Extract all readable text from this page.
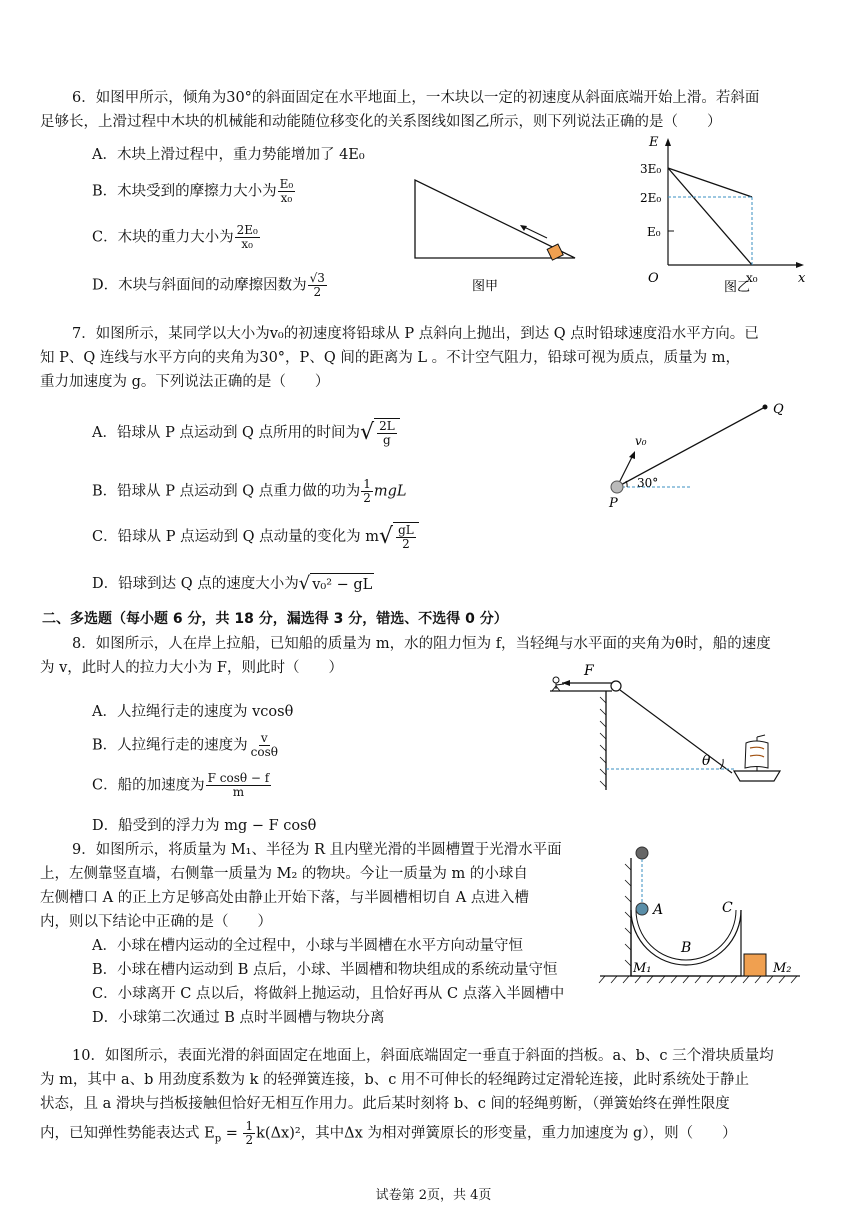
6．如图甲所示，倾角为30°的斜面固定在水平地面上，一木块以一定的初速度从斜面底端开始上滑。若斜面
足够长，上滑过程中木块的机械能和动能随位移变化的关系图线如图乙所示，则下列说法正确的是（　　）
A．木块上滑过程中，重力势能增加了 4E₀
B．木块受到的摩擦力大小为 $\frac{\text{E₀}}{\text{x₀}}$
C．木块的重力大小为 $\frac{\text{2E₀}}{\text{x₀}}$
D．木块与斜面间的动摩擦因数为 $\frac{√3}{2}$	图甲
E
x
O
3E₀
2E₀
E₀
x₀
图乙
7．如图所示，某同学以大小为v₀的初速度将铅球从 P 点斜向上抛出，到达 Q 点时铅球速度沿水平方向。已
知 P、Q 连线与水平方向的夹角为30°，P、Q 间的距离为 L 。不计空气阻力，铅球可视为质点，质量为 m，
重力加速度为 g。下列说法正确的是（　　）
A．铅球从 P 点运动到 Q 点所用的时间为 √ $\frac{2L}{g}$
B．铅球从 P 点运动到 Q 点重力做的功为 $\frac{1}{2}$ mgL
C．铅球从 P 点运动到 Q 点动量的变化为 m √ $\frac{gL}{2}$
D．铅球到达 Q 点的速度大小为 √ v₀² − gL
v₀
Q
P
30°
二、多选题（每小题 6 分，共 18 分，漏选得 3 分，错选、不选得 0 分）
8．如图所示，人在岸上拉船，已知船的质量为 m，水的阻力恒为 f，当轻绳与水平面的夹角为θ时，船的速度
为 v，此时人的拉力大小为 F，则此时（　　）
A．人拉绳行走的速度为 vcosθ
B．人拉绳行走的速度为 $\frac{v}{\cos\theta}$
C．船的加速度为 $\frac{\text{F cosθ − f}}{m}$
D．船受到的浮力为 mg − F cosθ
F
θ
9．如图所示，将质量为 M₁、半径为 R 且内壁光滑的半圆槽置于光滑水平面
上，左侧靠竖直墙，右侧靠一质量为 M₂ 的物块。今让一质量为 m 的小球自
左侧槽口 A 的正上方足够高处由静止开始下落，与半圆槽相切自 A 点进入槽
内，则以下结论中正确的是（　　）
A．小球在槽内运动的全过程中，小球与半圆槽在水平方向动量守恒
B．小球在槽内运动到 B 点后，小球、半圆槽和物块组成的系统动量守恒
C．小球离开 C 点以后，将做斜上抛运动，且恰好再从 C 点落入半圆槽中
D．小球第二次通过 B 点时半圆槽与物块分离
A
B
C
M₁	M₂
10．如图所示，表面光滑的斜面固定在地面上，斜面底端固定一垂直于斜面的挡板。a、b、c 三个滑块质量均
为 m，其中 a、b 用劲度系数为 k 的轻弹簧连接，b、c 用不可伸长的轻绳跨过定滑轮连接，此时系统处于静止
状态，且 a 滑块与挡板接触但恰好无相互作用力。此后某时刻将 b、c 间的轻绳剪断，（弹簧始终在弹性限度
内，已知弹性势能表达式 $E_p = \frac{1}{2} k(\Delta x)^2$，其中Δx 为相对弹簧原长的形变量，重力加速度为 g），则（　　）
试卷第 2页，共 4页
